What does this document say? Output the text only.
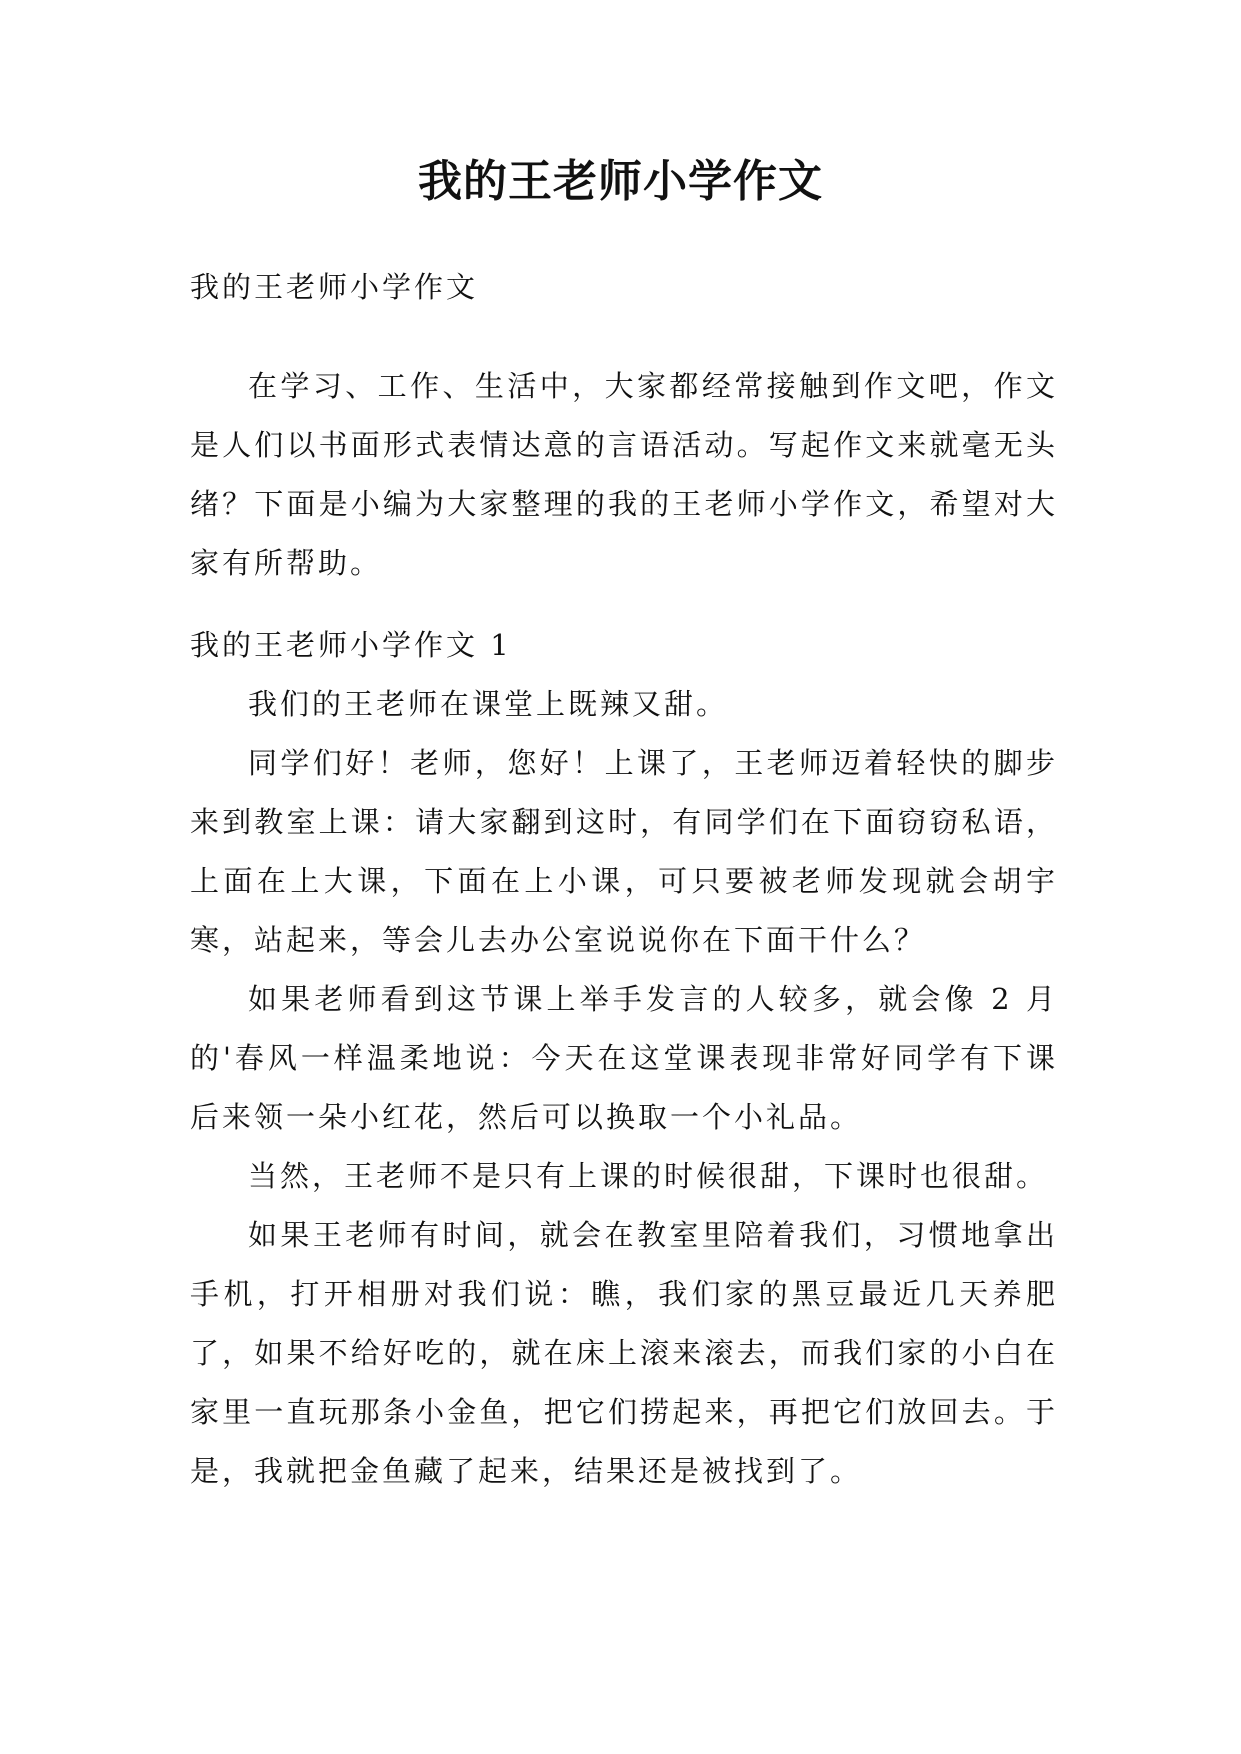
我的王老师小学作文

我的王老师小学作文

在学习、工作、生活中，大家都经常接触到作文吧，作文是人们以书面形式表情达意的言语活动。写起作文来就毫无头绪？下面是小编为大家整理的我的王老师小学作文，希望对大家有所帮助。

我的王老师小学作文 1

我们的王老师在课堂上既辣又甜。

同学们好！老师，您好！上课了，王老师迈着轻快的脚步来到教室上课：请大家翻到这时，有同学们在下面窃窃私语，上面在上大课，下面在上小课，可只要被老师发现就会胡宇寒，站起来，等会儿去办公室说说你在下面干什么？

如果老师看到这节课上举手发言的人较多，就会像 2 月的'春风一样温柔地说：今天在这堂课表现非常好同学有下课后来领一朵小红花，然后可以换取一个小礼品。

当然，王老师不是只有上课的时候很甜，下课时也很甜。

如果王老师有时间，就会在教室里陪着我们，习惯地拿出手机，打开相册对我们说：瞧，我们家的黑豆最近几天养肥了，如果不给好吃的，就在床上滚来滚去，而我们家的小白在家里一直玩那条小金鱼，把它们捞起来，再把它们放回去。于是，我就把金鱼藏了起来，结果还是被找到了。
